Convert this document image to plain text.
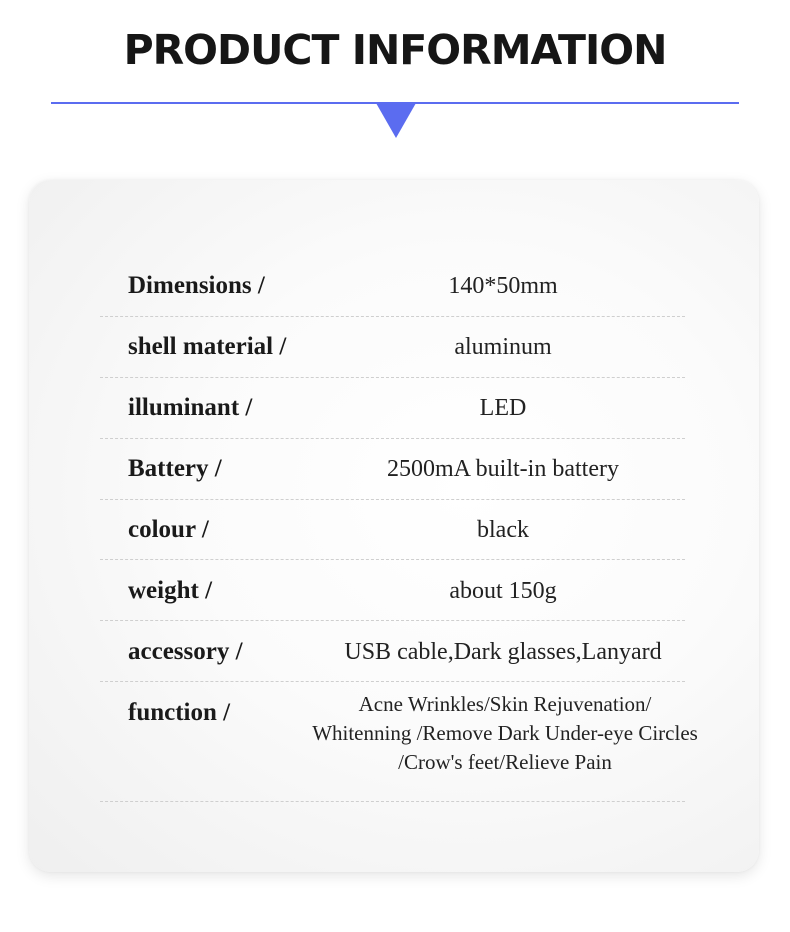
PRODUCT INFORMATION
Dimensions /	140*50mm
shell material /	aluminum
illuminant /	LED
Battery /	2500mA built-in battery
colour /	black
weight /	about 150g
accessory /	USB cable,Dark glasses,Lanyard
function /	Acne Wrinkles/Skin Rejuvenation/
Whitenning /Remove Dark Under-eye Circles
/Crow's feet/Relieve Pain
